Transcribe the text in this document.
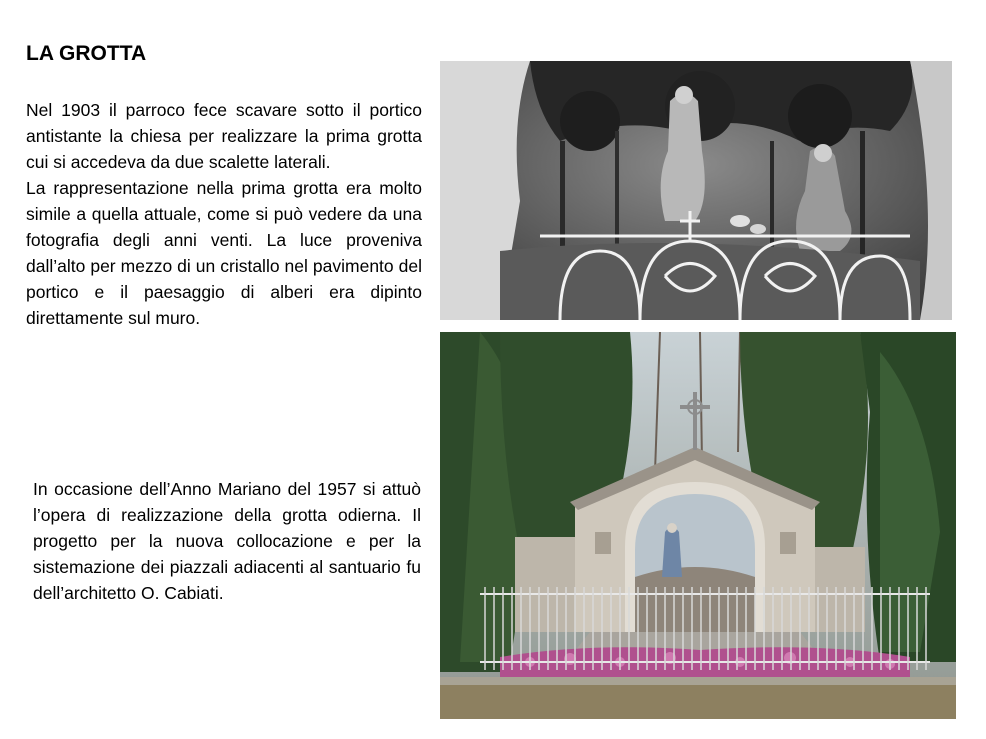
LA GROTTA
Nel 1903 il parroco fece scavare sotto il portico antistante la chiesa per realizzare la prima grotta cui si accedeva da due scalette laterali.
La rappresentazione nella prima grotta era molto simile a quella attuale, come si può vedere da una fotografia degli anni venti. La luce proveniva dall’alto per mezzo di un cristallo nel pavimento del portico e il paesaggio di alberi era dipinto direttamente sul muro.

In occasione dell’Anno Mariano del 1957 si attuò l’opera di realizzazione della grotta odierna. Il progetto per la nuova collocazione e per la sistemazione dei piazzali adiacenti al santuario fu dell’architetto O. Cabiati.
